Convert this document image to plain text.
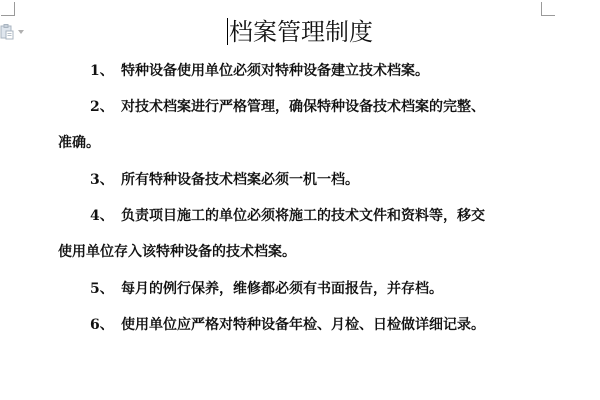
档案管理制度
1、 特种设备使用单位必须对特种设备建立技术档案。
2、 对技术档案进行严格管理，确保特种设备技术档案的完整、
准确。
3、 所有特种设备技术档案必须一机一档。
4、 负责项目施工的单位必须将施工的技术文件和资料等，移交
使用单位存入该特种设备的技术档案。
5、 每月的例行保养，维修都必须有书面报告，并存档。
6、 使用单位应严格对特种设备年检、月检、日检做详细记录。
